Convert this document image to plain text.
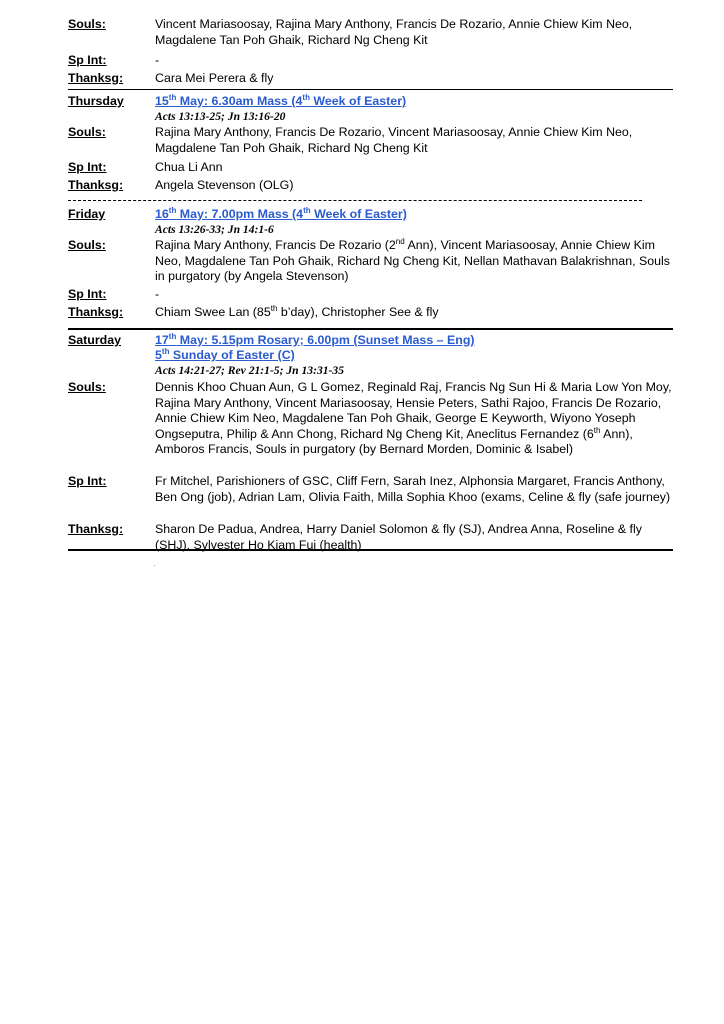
Souls:	Vincent Mariasoosay, Rajina Mary Anthony, Francis De Rozario, Annie Chiew Kim Neo, Magdalene Tan Poh Ghaik, Richard Ng Cheng Kit
Sp Int:	-
Thanksg:	Cara Mei Perera & fly
Thursday	15th May: 6.30am Mass (4th Week of Easter)
Acts 13:13-25; Jn 13:16-20
Souls:	Rajina Mary Anthony, Francis De Rozario, Vincent Mariasoosay, Annie Chiew Kim Neo, Magdalene Tan Poh Ghaik, Richard Ng Cheng Kit
Sp Int:	Chua Li Ann
Thanksg:	Angela Stevenson (OLG)
Friday	16th May: 7.00pm Mass (4th Week of Easter)
Acts 13:26-33; Jn 14:1-6
Souls:	Rajina Mary Anthony, Francis De Rozario (2nd Ann), Vincent Mariasoosay, Annie Chiew Kim Neo, Magdalene Tan Poh Ghaik, Richard Ng Cheng Kit, Nellan Mathavan Balakrishnan, Souls in purgatory (by Angela Stevenson)
Sp Int:	-
Thanksg:	Chiam Swee Lan (85th b’day), Christopher See & fly
Saturday	17th May: 5.15pm Rosary; 6.00pm (Sunset Mass – Eng)
5th Sunday of Easter (C)
Acts 14:21-27; Rev 21:1-5; Jn 13:31-35
Souls:	Dennis Khoo Chuan Aun, G L Gomez, Reginald Raj, Francis Ng Sun Hi & Maria Low Yon Moy, Rajina Mary Anthony, Vincent Mariasoosay, Hensie Peters, Sathi Rajoo, Francis De Rozario, Annie Chiew Kim Neo, Magdalene Tan Poh Ghaik, George E Keyworth, Wiyono Yoseph Ongseputra, Philip & Ann Chong, Richard Ng Cheng Kit, Aneclitus Fernandez (6th Ann), Amboros Francis, Souls in purgatory (by Bernard Morden, Dominic & Isabel)
Sp Int:	Fr Mitchel, Parishioners of GSC, Cliff Fern, Sarah Inez, Alphonsia Margaret, Francis Anthony, Ben Ong (job), Adrian Lam, Olivia Faith, Milla Sophia Khoo (exams, Celine & fly (safe journey)
Thanksg:	Sharon De Padua, Andrea, Harry Daniel Solomon & fly (SJ), Andrea Anna, Roseline & fly (SHJ), Sylvester Ho Kiam Fui (health)
